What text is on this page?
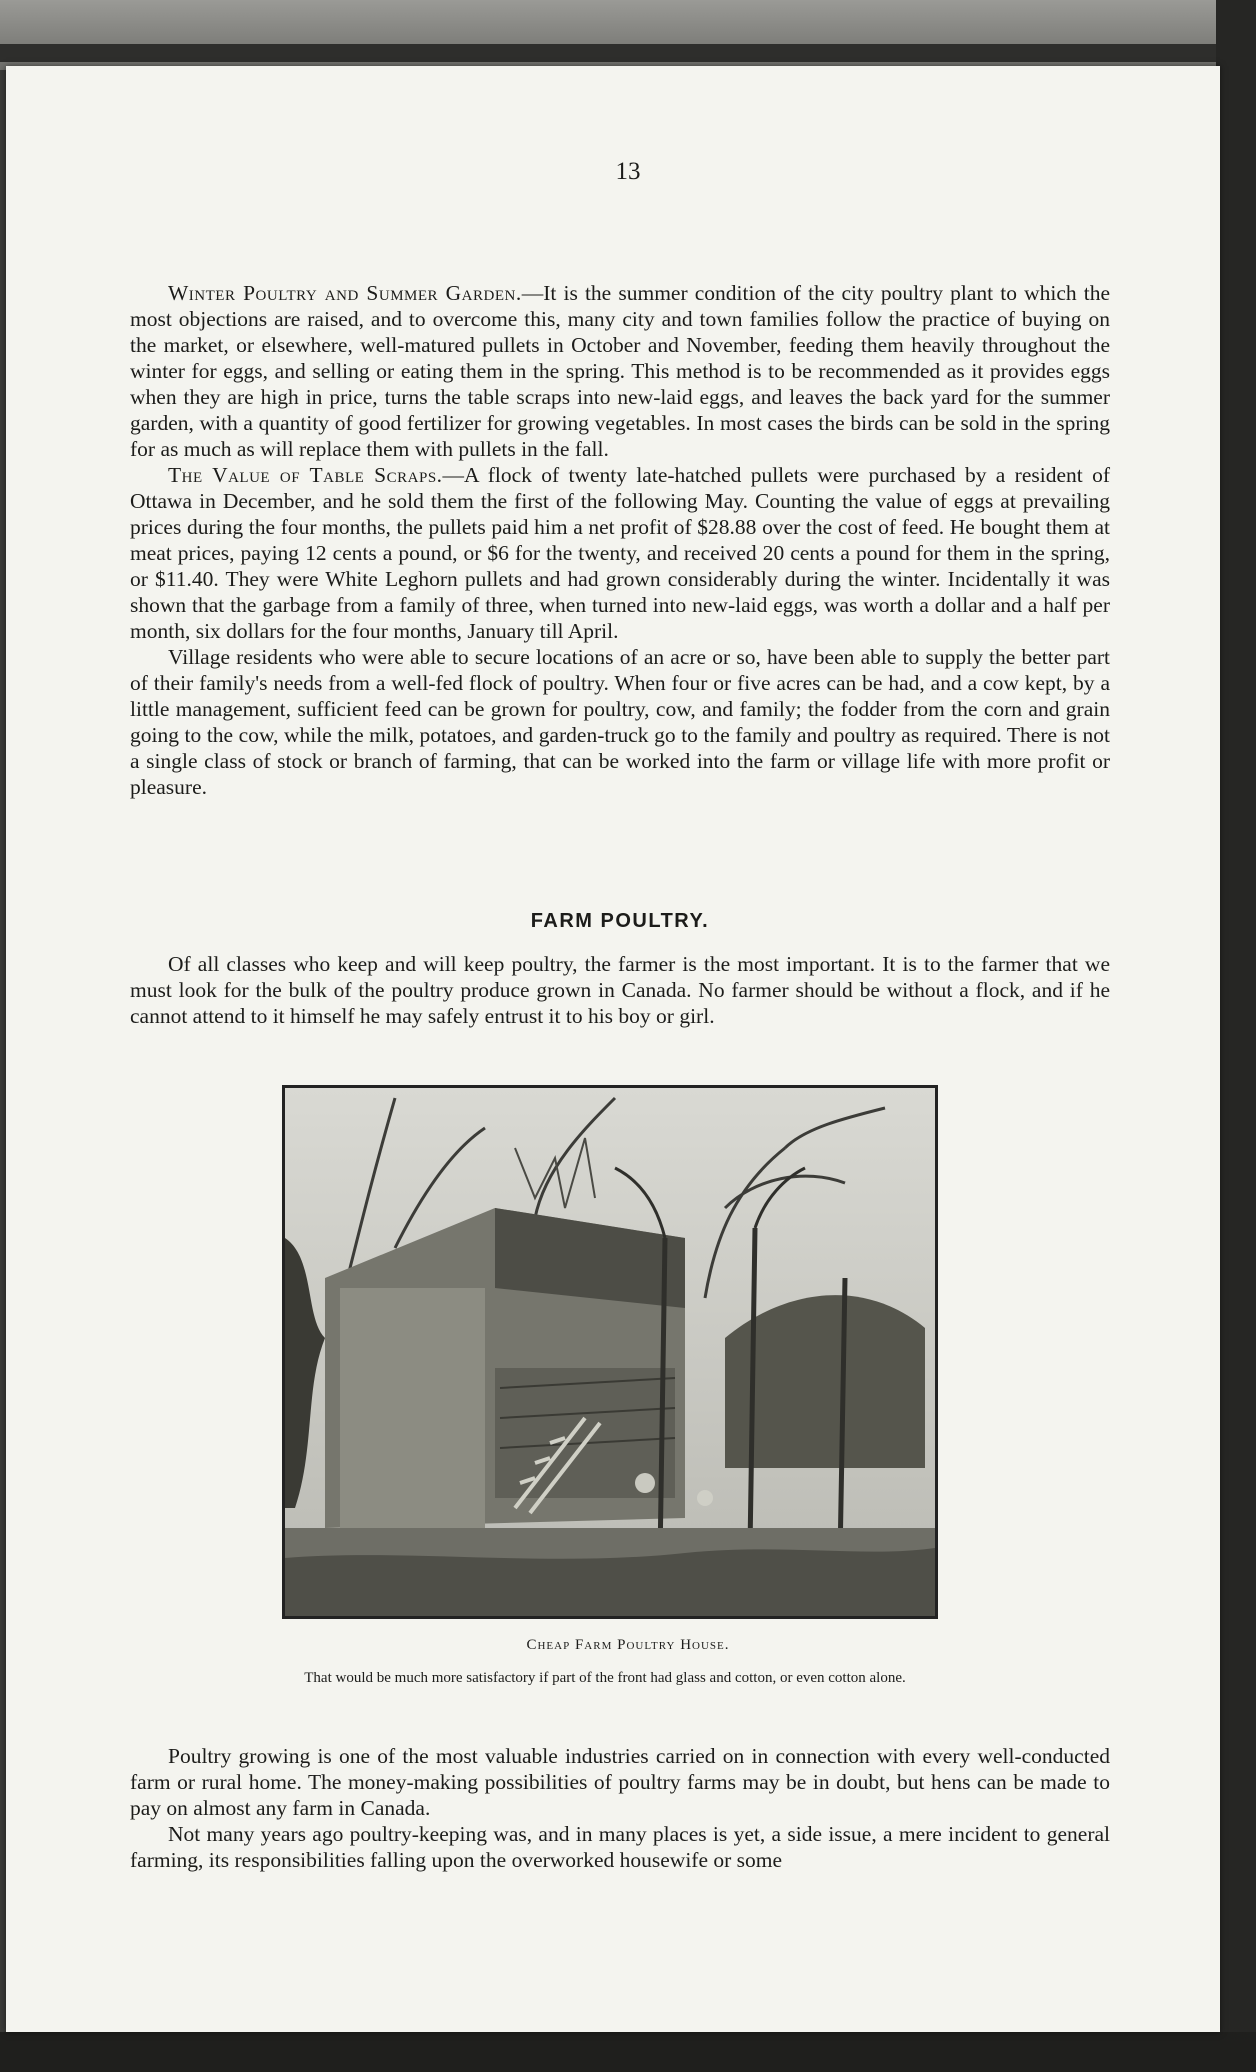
13

Winter Poultry and Summer Garden.—It is the summer condition of the city poultry plant to which the most objections are raised, and to overcome this, many city and town families follow the practice of buying on the market, or elsewhere, well-matured pullets in October and November, feeding them heavily throughout the winter for eggs, and selling or eating them in the spring. This method is to be recommended as it provides eggs when they are high in price, turns the table scraps into new-laid eggs, and leaves the back yard for the summer garden, with a quantity of good fertilizer for growing vegetables. In most cases the birds can be sold in the spring for as much as will replace them with pullets in the fall.

The Value of Table Scraps.—A flock of twenty late-hatched pullets were purchased by a resident of Ottawa in December, and he sold them the first of the following May. Counting the value of eggs at prevailing prices during the four months, the pullets paid him a net profit of $28.88 over the cost of feed. He bought them at meat prices, paying 12 cents a pound, or $6 for the twenty, and received 20 cents a pound for them in the spring, or $11.40. They were White Leghorn pullets and had grown considerably during the winter. Incidentally it was shown that the garbage from a family of three, when turned into new-laid eggs, was worth a dollar and a half per month, six dollars for the four months, January till April.

Village residents who were able to secure locations of an acre or so, have been able to supply the better part of their family's needs from a well-fed flock of poultry. When four or five acres can be had, and a cow kept, by a little management, sufficient feed can be grown for poultry, cow, and family; the fodder from the corn and grain going to the cow, while the milk, potatoes, and garden-truck go to the family and poultry as required. There is not a single class of stock or branch of farming, that can be worked into the farm or village life with more profit or pleasure.

FARM POULTRY.

Of all classes who keep and will keep poultry, the farmer is the most important. It is to the farmer that we must look for the bulk of the poultry produce grown in Canada. No farmer should be without a flock, and if he cannot attend to it himself he may safely entrust it to his boy or girl.

Cheap Farm Poultry House.
That would be much more satisfactory if part of the front had glass and cotton, or even cotton alone.

Poultry growing is one of the most valuable industries carried on in connection with every well-conducted farm or rural home. The money-making possibilities of poultry farms may be in doubt, but hens can be made to pay on almost any farm in Canada.

Not many years ago poultry-keeping was, and in many places is yet, a side issue, a mere incident to general farming, its responsibilities falling upon the overworked housewife or some
